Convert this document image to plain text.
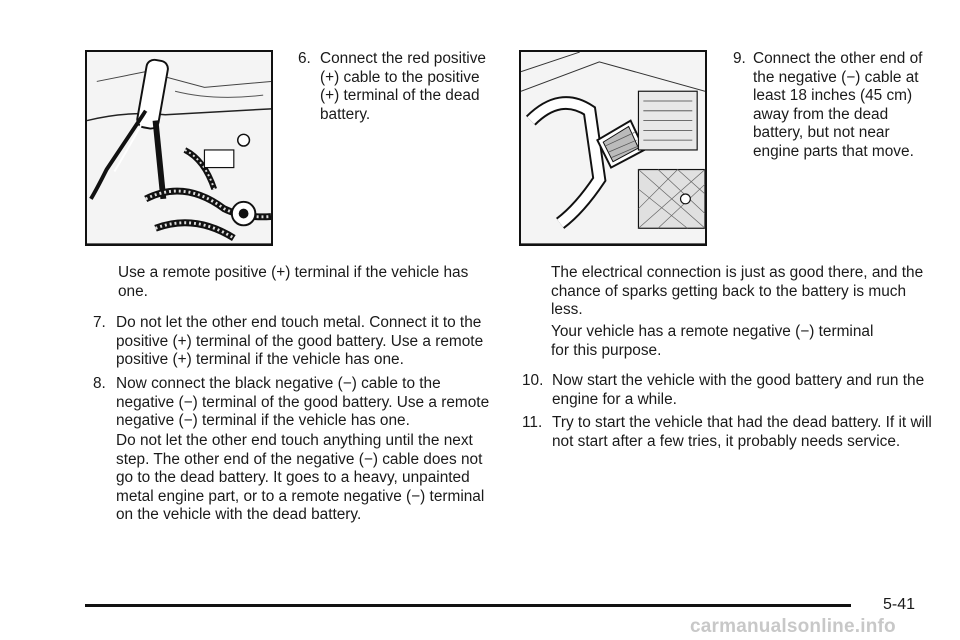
6. Connect the red positive (+) cable to the positive (+) terminal of the dead battery.

Use a remote positive (+) terminal if the vehicle has one.

7. Do not let the other end touch metal. Connect it to the positive (+) terminal of the good battery. Use a remote positive (+) terminal if the vehicle has one.

8. Now connect the black negative (−) cable to the negative (−) terminal of the good battery. Use a remote negative (−) terminal if the vehicle has one.

Do not let the other end touch anything until the next step. The other end of the negative (−) cable does not go to the dead battery. It goes to a heavy, unpainted metal engine part, or to a remote negative (−) terminal on the vehicle with the dead battery.

9. Connect the other end of the negative (−) cable at least 18 inches (45 cm) away from the dead battery, but not near engine parts that move.

The electrical connection is just as good there, and the chance of sparks getting back to the battery is much less.

Your vehicle has a remote negative (−) terminal for this purpose.

10. Now start the vehicle with the good battery and run the engine for a while.

11. Try to start the vehicle that had the dead battery. If it will not start after a few tries, it probably needs service.

5-41
carmanualsonline.info
